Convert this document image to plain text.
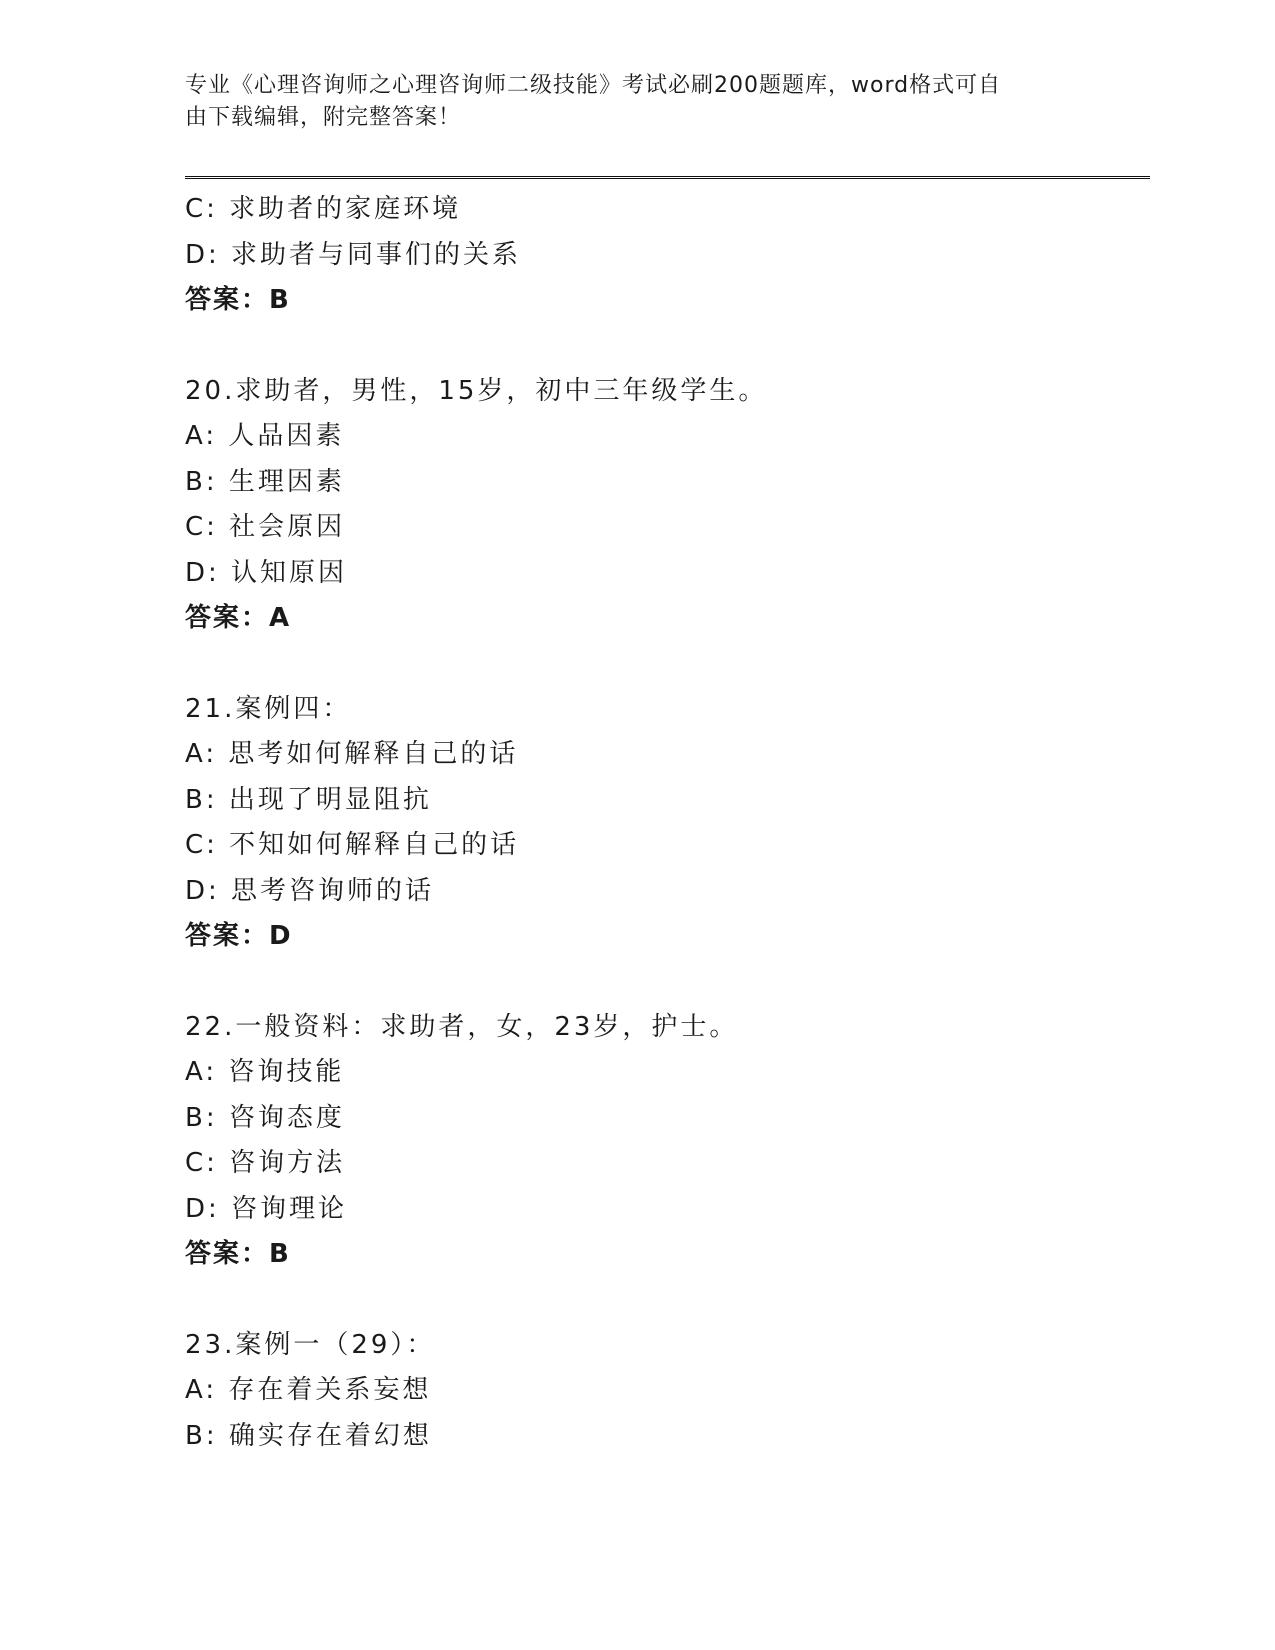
专业《心理咨询师之心理咨询师二级技能》考试必刷200题题库，word格式可自
由下载编辑，附完整答案！
C: 求助者的家庭环境
D: 求助者与同事们的关系
答案：B
20.求助者，男性，15岁，初中三年级学生。
A: 人品因素
B: 生理因素
C: 社会原因
D: 认知原因
答案：A
21.案例四：
A: 思考如何解释自己的话
B: 出现了明显阻抗
C: 不知如何解释自己的话
D: 思考咨询师的话
答案：D
22.一般资料：求助者，女，23岁，护士。
A: 咨询技能
B: 咨询态度
C: 咨询方法
D: 咨询理论
答案：B
23.案例一（29）：
A: 存在着关系妄想
B: 确实存在着幻想
